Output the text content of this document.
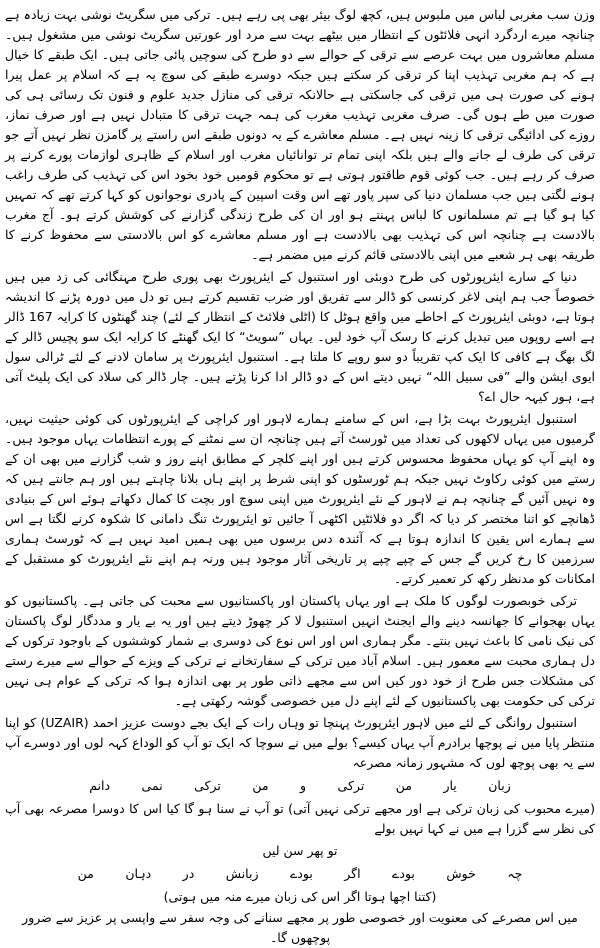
وزن سب مغربی لباس میں ملبوس ہیں، کچھ لوگ بیئر بھی پی رہے ہیں۔ ترکی میں سگریٹ نوشی بہت زیادہ ہے چنانچہ میرے اردگرد انہی فلائٹوں کے انتظار میں بیٹھے بہت سے مرد اور عورتیں سگریٹ نوشی میں مشغول ہیں۔ مسلم معاشروں میں بہت عرصے سے ترقی کے حوالے سے دو طرح کی سوچیں پائی جاتی ہیں۔ ایک طبقے کا خیال ہے کہ ہم مغربی تہذیب اپنا کر ترقی کر سکتے ہیں جبکہ دوسرے طبقے کی سوچ یہ ہے کہ اسلام پر عمل پیرا ہونے کی صورت ہی میں ترقی کی جاسکتی ہے حالانکہ ترقی کی منازل جدید علوم و فنون تک رسائی ہی کی صورت میں طے ہوں گی۔ صرف مغربی تہذیب مغرب کی ہمہ جہت ترقی کا متبادل نہیں ہے اور صرف نماز، روزے کی ادائیگی ترقی کا زینہ نہیں ہے۔ مسلم معاشرے کے یہ دونوں طبقے اس راستے پر گامزن نظر نہیں آتے جو ترقی کی طرف لے جانے والے ہیں بلکہ اپنی تمام تر توانائیاں مغرب اور اسلام کے ظاہری لوازمات پورے کرنے پر صرف کر رہے ہیں۔ جب کوئی قوم طاقتور ہوتی ہے تو محکوم قومیں خود بخود اس کی تہذیب کی طرف راغب ہونے لگتی ہیں جب مسلمان دنیا کی سپر پاور تھے اس وقت اسپین کے پادری نوجوانوں کو کہا کرتے تھے کہ تمہیں کیا ہو گیا ہے تم مسلمانوں کا لباس پہنتے ہو اور ان کی طرح زندگی گزارنے کی کوشش کرتے ہو۔ آج مغرب بالادست ہے چنانچہ اس کی تہذیب بھی بالادست ہے اور مسلم معاشرے کو اس بالادستی سے محفوظ کرنے کا طریقہ بھی ہر شعبے میں اپنی بالادستی قائم کرنے میں مضمر ہے۔
دنیا کے سارے ایئرپورٹوں کی طرح دوبئی اور استنبول کے ایئرپورٹ بھی پوری طرح مہنگائی کی زد میں ہیں خصوصاً جب ہم اپنی لاغر کرنسی کو ڈالر سے تفریق اور ضرب تقسیم کرتے ہیں تو دل میں دورہ پڑنے کا اندیشہ ہوتا ہے، دوبئی ایئرپورٹ کے احاطے میں واقع ہوٹل کا (اٹلی فلائٹ کے انتظار کے لئے) چند گھنٹوں کا کرایہ 167 ڈالر ہے اسے روپوں میں تبدیل کرنے کا رسک آپ خود لیں۔ یہاں ”سویٹ“ کا ایک گھنٹے کا کرایہ ایک سو پچیس ڈالر کے لگ بھگ ہے کافی کا ایک کپ تقریباً دو سو روپے کا ملتا ہے۔ استنبول ایئرپورٹ پر سامان لادنے کے لئے ٹرالی سول ایوی ایشن والے ”فی سبیل اللہ“ نہیں دیتے اس کے دو ڈالر ادا کرنا پڑتے ہیں۔ چار ڈالر کی سلاد کی ایک پلیٹ آتی ہے، ہور کیہہ حال اے؟
استنبول ایئرپورٹ بہت بڑا ہے، اس کے سامنے ہمارے لاہور اور کراچی کے ایئرپورٹوں کی کوئی حیثیت نہیں، گرمیوں میں یہاں لاکھوں کی تعداد میں ٹورسٹ آتے ہیں چنانچہ ان سے نمٹنے کے پورے انتظامات یہاں موجود ہیں۔ وہ اپنے آپ کو یہاں محفوظ محسوس کرتے ہیں اور اپنے کلچر کے مطابق اپنے روز و شب گزارنے میں بھی ان کے رستے میں کوئی رکاوٹ نہیں جبکہ ہم ٹورسٹوں کو اپنی شرط پر اپنے ہاں بلانا چاہتے ہیں اور ہم جانتے ہیں کہ وہ نہیں آئیں گے چنانچہ ہم نے لاہور کے نئے ایئرپورٹ میں اپنی سوچ اور بچت کا کمال دکھاتے ہوئے اس کے بنیادی ڈھانچے کو اتنا مختصر کر دیا کہ اگر دو فلائٹیں اکٹھی آ جائیں تو ایئرپورٹ تنگ دامانی کا شکوہ کرنے لگتا ہے اس سے ہمارے اس یقین کا اندازہ ہوتا ہے کہ آئندہ دس برسوں میں بھی ہمیں امید نہیں ہے کہ ٹورسٹ ہماری سرزمین کا رخ کریں گے جس کے چپے چپے پر تاریخی آثار موجود ہیں ورنہ ہم اپنے نئے ایئرپورٹ کو مستقبل کے امکانات کو مدنظر رکھ کر تعمیر کرتے۔
ترکی خوبصورت لوگوں کا ملک ہے اور یہاں پاکستان اور پاکستانیوں سے محبت کی جاتی ہے۔ پاکستانیوں کو یہاں بھجوانے کا جھانسہ دینے والے ایجنٹ انہیں استنبول لا کر چھوڑ دیتے ہیں اور یہ بے یار و مددگار لوگ پاکستان کی نیک نامی کا باعث نہیں بنتے۔ مگر ہماری اس اور اس نوع کی دوسری بے شمار کوششوں کے باوجود ترکوں کے دل ہماری محبت سے معمور ہیں۔ اسلام آباد میں ترکی کے سفارتخانے نے ترکی کے ویزے کے حوالے سے میرے رستے کی مشکلات جس طرح از خود دور کیں اس سے مجھے ذاتی طور پر بھی اندازہ ہوا کہ ترکی کے عوام ہی نہیں ترکی کی حکومت بھی پاکستانیوں کے لئے اپنے دل میں خصوصی گوشہ رکھتی ہے۔
استنبول روانگی کے لئے میں لاہور ایئرپورٹ پہنچا تو وہاں رات کے ایک بجے دوست عزیز احمد (UZAIR) کو اپنا منتظر پایا میں نے پوچھا برادرم آپ یہاں کیسے؟ بولے میں نے سوچا کہ ایک تو آپ کو الوداع کہہ لوں اور دوسرے آپ سے یہ بھی پوچھ لوں کہ مشہور زمانہ مصرعہ
زبان یار من ترکی و من ترکی نمی دانم
(میرے محبوب کی زبان ترکی ہے اور مجھے ترکی نہیں آتی) تو آپ نے سنا ہو گا کیا اس کا دوسرا مصرعہ بھی آپ کی نظر سے گزرا ہے میں نے کہا نہیں بولے
تو پھر سن لیں
چہ خوش بودے اگر بودے زبانش در دہان من
(کتنا اچھا ہوتا اگر اس کی زبان میرے منہ میں ہوتی)
میں اس مصرعے کی معنویت اور خصوصی طور پر مجھے سنانے کی وجہ سفر سے واپسی پر عزیز سے ضرور پوچھوں گا۔
